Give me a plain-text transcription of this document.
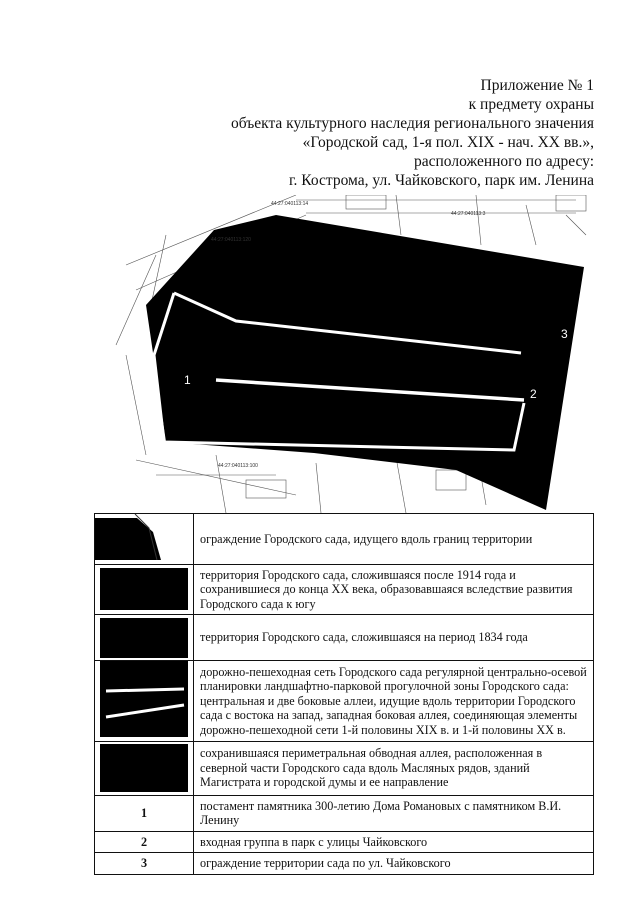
Приложение № 1
к предмету охраны
объекта культурного наследия регионального значения
«Городской сад, 1-я пол. XIX - нач. XX вв.»,
расположенного по адресу:
г. Кострома, ул. Чайковского, парк им. Ленина
1
2
3
44:27:040113:14
44:27:040113:3
44:27:040113:120
44:27:040113:100
	ограждение Городского сада, идущего вдоль границ территории

	территория Городского сада, сложившаяся после 1914 года и сохранившиеся до конца XX века, образовавшаяся вследствие развития Городского сада к югу

	территория Городского сада, сложившаяся на период 1834 года
	дорожно-пешеходная сеть Городского сада регулярной центрально-осевой планировки ландшафтно-парковой прогулочной зоны Городского сада: центральная и две боковые аллеи, идущие вдоль территории Городского сада с востока на запад, западная боковая аллея, соединяющая элементы дорожно-пешеходной сети 1-й половины XIX в. и 1-й половины XX в.

	сохранившаяся периметральная обводная аллея, расположенная в северной части Городского сада вдоль Масляных рядов, зданий Магистрата и городской думы и ее направление
1	постамент памятника 300-летию Дома Романовых с памятником В.И. Ленину
2	входная группа в парк с улицы Чайковского
3	ограждение территории сада по ул. Чайковского
